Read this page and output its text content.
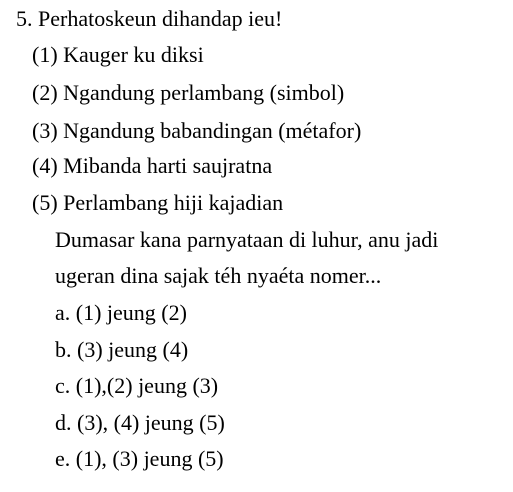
5. Perhatoskeun dihandap ieu!
(1) Kauger ku diksi
(2) Ngandung perlambang (simbol)
(3) Ngandung babandingan (métafor)
(4) Mibanda harti saujratna
(5) Perlambang hiji kajadian
Dumasar kana parnyataan di luhur, anu jadi
ugeran dina sajak téh nyaéta nomer...
a. (1) jeung (2)
b. (3) jeung (4)
c. (1),(2) jeung (3)
d. (3), (4) jeung (5)
e. (1), (3) jeung (5)
